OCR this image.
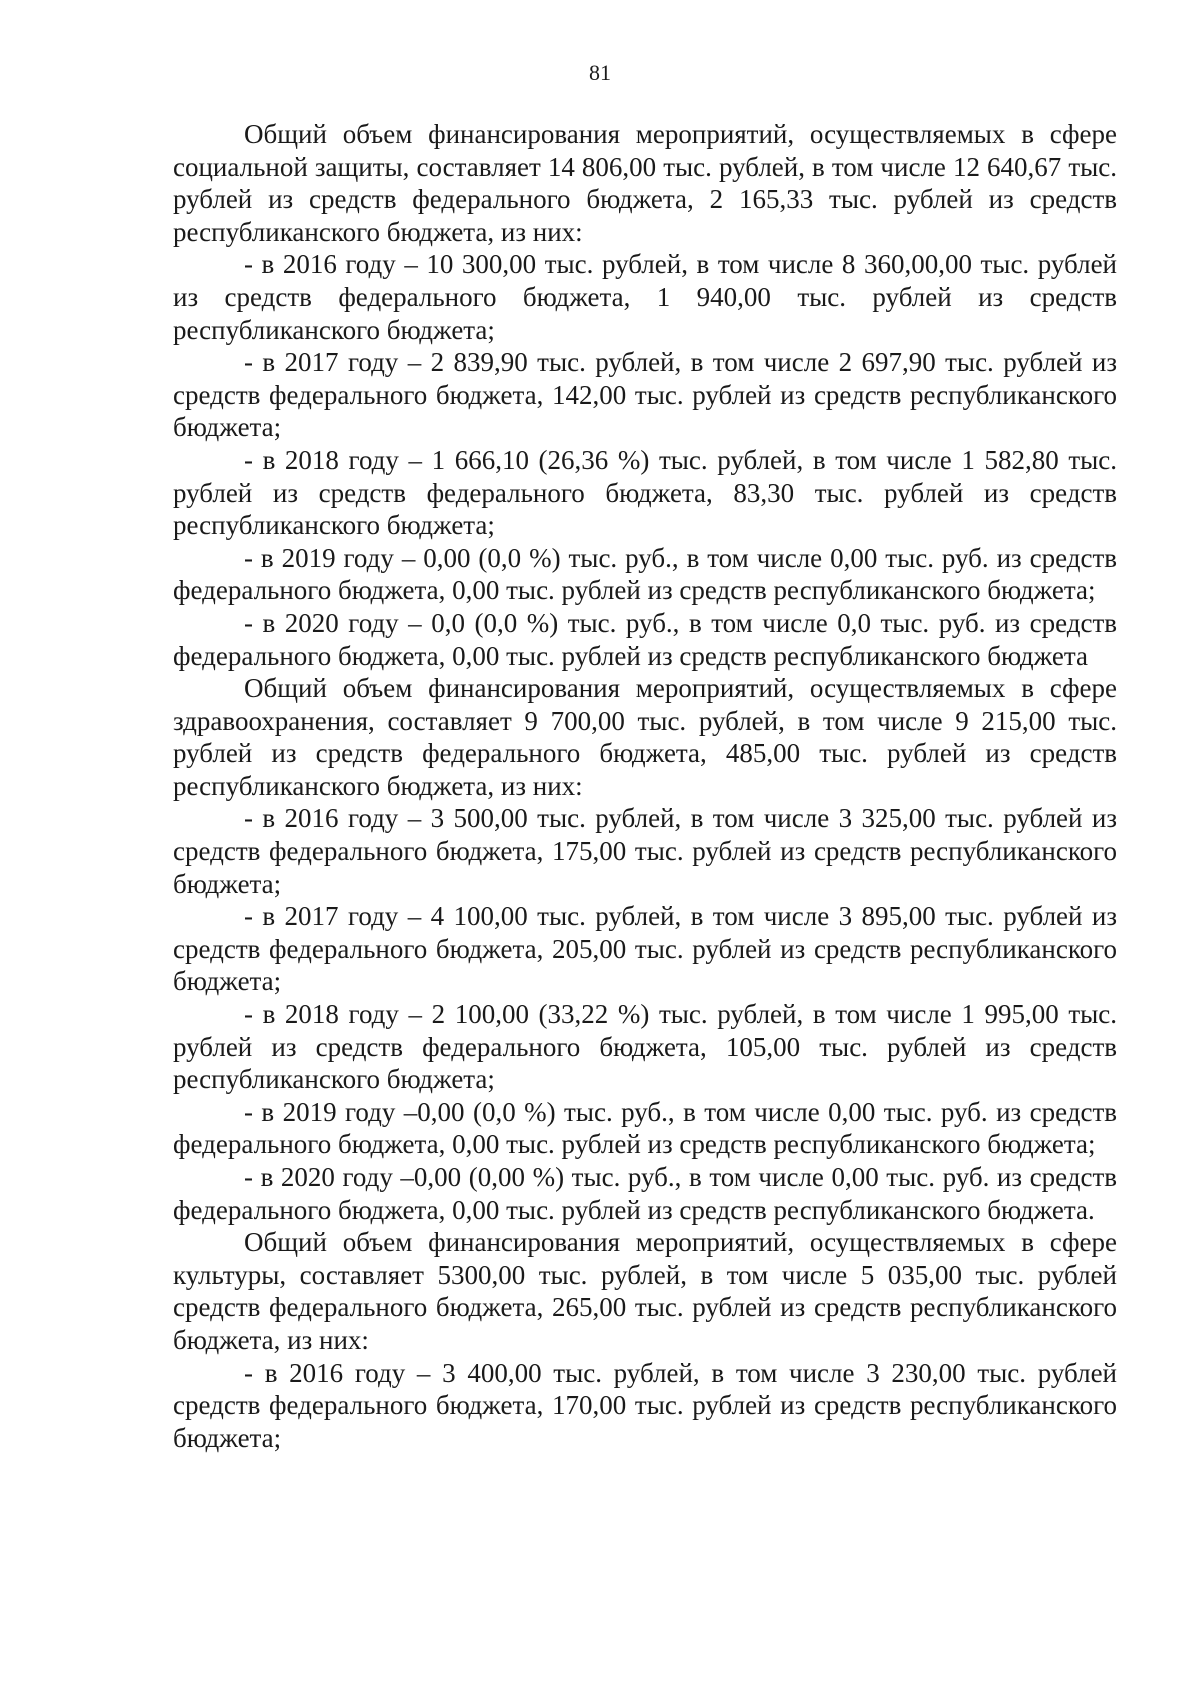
81

Общий объем финансирования мероприятий, осуществляемых в сфере социальной защиты, составляет 14 806,00 тыс. рублей, в том числе 12 640,67 тыс. рублей из средств федерального бюджета, 2 165,33 тыс. рублей из средств республиканского бюджета, из них:

- в 2016 году – 10 300,00 тыс. рублей, в том числе 8 360,00,00 тыс. рублей из средств федерального бюджета, 1 940,00 тыс. рублей из средств республиканского бюджета;

- в 2017 году – 2 839,90 тыс. рублей, в том числе 2 697,90 тыс. рублей из средств федерального бюджета, 142,00 тыс. рублей из средств республиканского бюджета;

- в 2018 году – 1 666,10 (26,36 %) тыс. рублей, в том числе 1 582,80 тыс. рублей из средств федерального бюджета, 83,30 тыс. рублей из средств республиканского бюджета;

- в 2019 году – 0,00 (0,0 %) тыс. руб., в том числе 0,00 тыс. руб. из средств федерального бюджета, 0,00 тыс. рублей из средств республиканского бюджета;

- в 2020 году – 0,0 (0,0 %) тыс. руб., в том числе 0,0 тыс. руб. из средств федерального бюджета, 0,00 тыс. рублей из средств республиканского бюджета

Общий объем финансирования мероприятий, осуществляемых в сфере здравоохранения, составляет 9 700,00 тыс. рублей, в том числе 9 215,00 тыс. рублей из средств федерального бюджета, 485,00 тыс. рублей из средств республиканского бюджета, из них:

- в 2016 году – 3 500,00 тыс. рублей, в том числе 3 325,00 тыс. рублей из средств федерального бюджета, 175,00 тыс. рублей из средств республиканского бюджета;

- в 2017 году – 4 100,00 тыс. рублей, в том числе 3 895,00 тыс. рублей из средств федерального бюджета, 205,00 тыс. рублей из средств республиканского бюджета;

- в 2018 году – 2 100,00 (33,22 %) тыс. рублей, в том числе 1 995,00 тыс. рублей из средств федерального бюджета, 105,00 тыс. рублей из средств республиканского бюджета;

- в 2019 году –0,00 (0,0 %) тыс. руб., в том числе 0,00 тыс. руб. из средств федерального бюджета, 0,00 тыс. рублей из средств республиканского бюджета;

- в 2020 году –0,00 (0,00 %) тыс. руб., в том числе 0,00 тыс. руб. из средств федерального бюджета, 0,00 тыс. рублей из средств республиканского бюджета.

Общий объем финансирования мероприятий, осуществляемых в сфере культуры, составляет 5300,00 тыс. рублей, в том числе 5 035,00 тыс. рублей средств федерального бюджета, 265,00 тыс. рублей из средств республиканского бюджета, из них:

- в 2016 году – 3 400,00 тыс. рублей, в том числе 3 230,00 тыс. рублей средств федерального бюджета, 170,00 тыс. рублей из средств республиканского бюджета;
